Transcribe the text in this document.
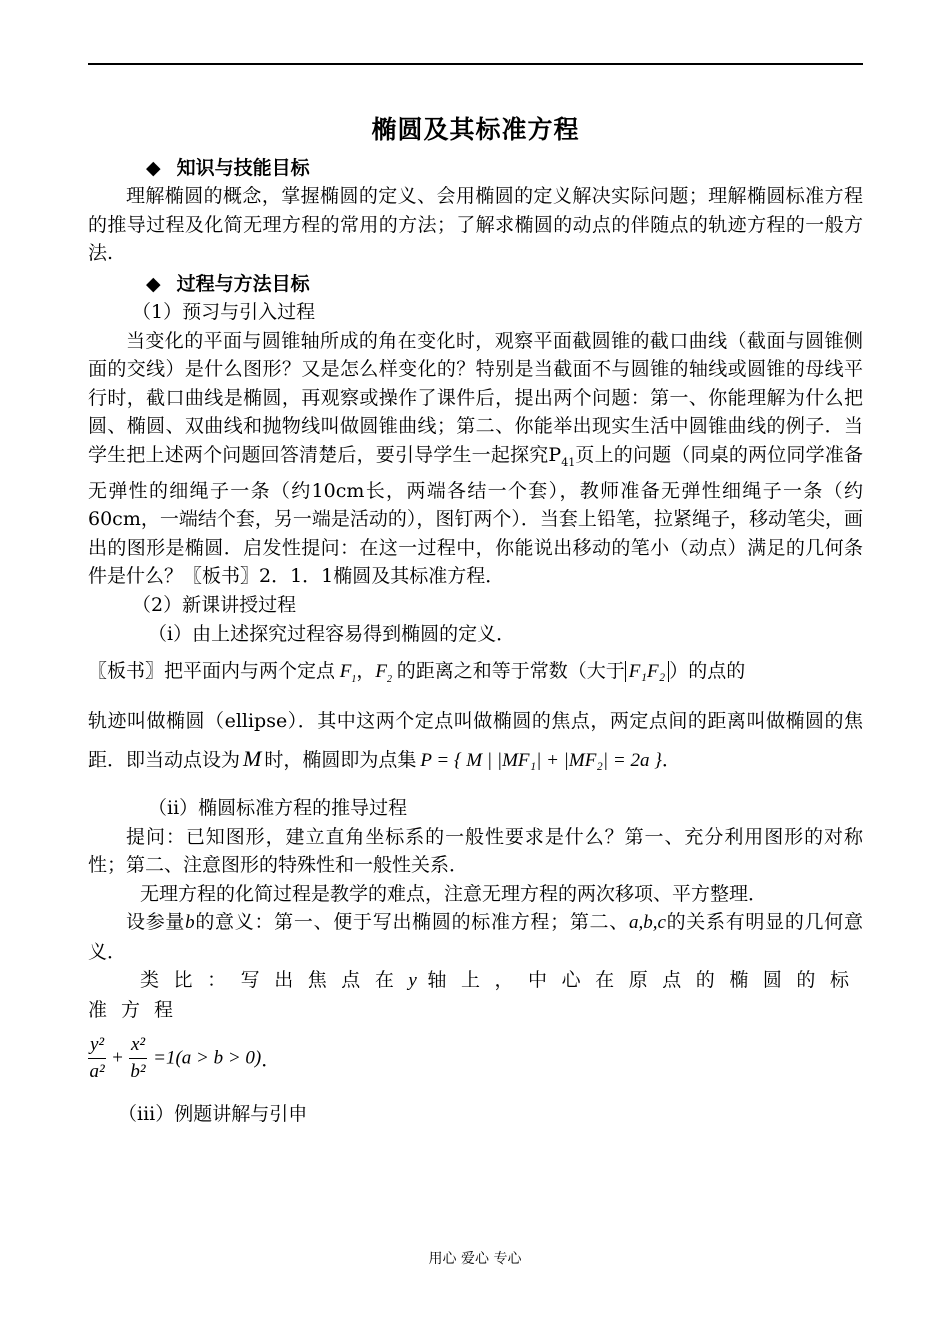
椭圆及其标准方程
◆ 知识与技能目标

理解椭圆的概念，掌握椭圆的定义、会用椭圆的定义解决实际问题；理解椭圆标准方程的推导过程及化简无理方程的常用的方法；了解求椭圆的动点的伴随点的轨迹方程的一般方法.

◆ 过程与方法目标
（1）预习与引入过程

当变化的平面与圆锥轴所成的角在变化时，观察平面截圆锥的截口曲线（截面与圆锥侧面的交线）是什么图形？又是怎么样变化的？特别是当截面不与圆锥的轴线或圆锥的母线平行时，截口曲线是椭圆，再观察或操作了课件后，提出两个问题：第一、你能理解为什么把圆、椭圆、双曲线和抛物线叫做圆锥曲线；第二、你能举出现实生活中圆锥曲线的例子．当学生把上述两个问题回答清楚后，要引导学生一起探究$P_{41}$页上的问题（同桌的两位同学准备无弹性的细绳子一条（约10cm长，两端各结一个套），教师准备无弹性细绳子一条（约60cm，一端结个套，另一端是活动的），图钉两个）．当套上铅笔，拉紧绳子，移动笔尖，画出的图形是椭圆．启发性提问：在这一过程中，你能说出移动的笔小（动点）满足的几何条件是什么？〖板书〗2．1．1椭圆及其标准方程．

（2）新课讲授过程
（i）由上述探究过程容易得到椭圆的定义．

〖板书〗把平面内与两个定点 $F_1$，$F_2$ 的距离之和等于常数（大于 F₁F₂ ）的点的

轨迹叫做椭圆（ellipse）．其中这两个定点叫做椭圆的焦点，两定点间的距离叫做椭圆的焦距．即当动点设为 M 时，椭圆即为点集 P = { M | |MF₁| + |MF₂| = 2a }．

（ii）椭圆标准方程的推导过程

提问：已知图形，建立直角坐标系的一般性要求是什么？第一、充分利用图形的对称性；第二、注意图形的特殊性和一般性关系．

无理方程的化简过程是教学的难点，注意无理方程的两次移项、平方整理．

设参量b的意义：第一、便于写出椭圆的标准方程；第二、a,b,c的关系有明显的几何意义．

类比：写出焦点在y 轴上，中心在原点的椭圆的标准方程

$\frac{\text{y²}}{\text{a²}} + \frac{\text{x²}}{\text{b²}} =1(a > b > 0)$．
（iii）例题讲解与引申
用心 爱心 专心
